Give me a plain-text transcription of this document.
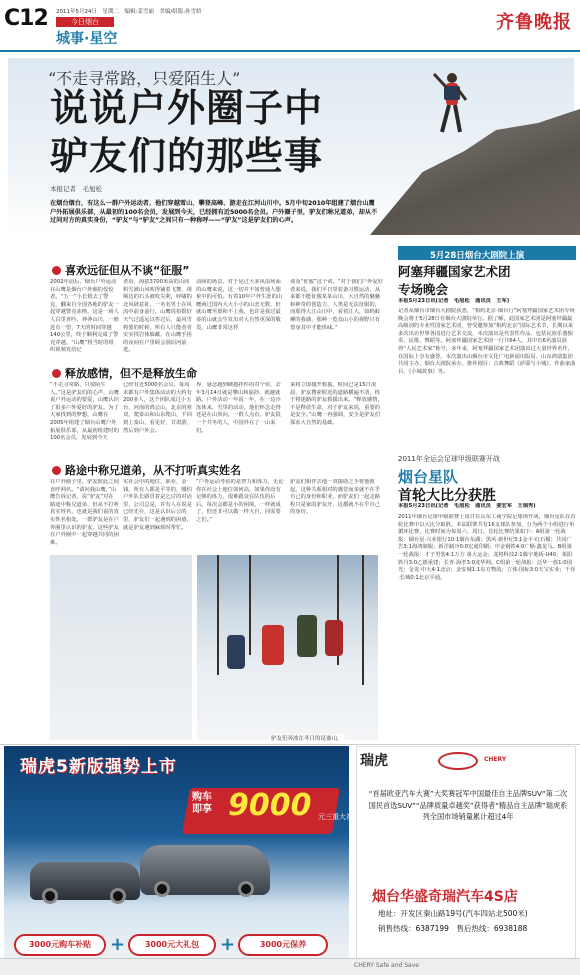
C12 2011年5月24日　星期二　编辑:姜雪丽　美编/组版:孙雪娇
今日烟台
城事·星空
齐鲁晚报
“不走寻常路，只爱陌生人”
说说户外圈子中
驴友们的那些事
本报记者　毛旭松
在烟台烟台，有这么一群户外运动者，他们穿越雪山、攀登高峰、游走在江河山川中。5月中旬2010年组建了烟台山鹰户外拓展俱乐部，从最初的100名会员，发展到今天，已经拥有近5000名会员。户外圈子里，驴友们称兄道弟，却从不过问对方的真实身份，“驴友”与“驴友”之间只有一种称呼——“驴友”这是驴友们的心声。
喜欢远征但从不谈“征服”
2002年前后，烟台户外运动在山鹰是烟台户外圈的佼佼者。“五一”小长假去了警克，翻来自全国各地的驴友一起穿越警克冰格。这是一场人人白里喜吟，莽莽山川，一睦近有一望，7天的时间穿越140公里，终于顺利完成了警克穿越。“山鹰”将当时的组织视频发给记
者看，海拔3700米高的山间积雪被山风吹得铺着飞舞，视频边的石头被吹尖利，呼啸的北风肆意扯，一名名男士在风流中前身前行，山鹰说拍摄好天气过遥远以答过后，最风雪将要的时候，所有人只能者者实实找岩体躲藏，在山鹰手捂的夜间在户里顾会洞泪河前进。
动顾的场景，对于见过大多风浪场面的山鹰来说，这一切并不如普通人想象中的可怕。有着10年户外生涯的山鹰两过国内大大小小的山峦无数，但就山鹰至愿和不上我，也许是我过最多的山就会生发出对大自然更深的敬畏，山鹰非常这样
谈及“征服”这个词。“对于我们户外爱好者来说，我们平日里装备习惯运动，从来都不能征服某某山川，大自然的魅魅和神奇的创造力，人类是无法征服的，而那得大江山川中，看着江大，如蚂蚁柳的我感，那种一览众山小的视野只有置身其中才能体味。”
释放感情，但不是释放生命
“不走寻常路，只要陌生人。”这是驴友们的心声，山鹰说户外运动的要爱，山鹰认识了很多户外爱好的驴友。为了大家找到的梦想，山鹰在2005年组建了烟台山鹰户外拓展俱乐部，从最初组建时的100名会员，发展到今天
已经有近5000名会员，每周末都有户外集体活动的大约有200多人，这个团队成过小五台，河南的鸡公山，北京的寒双，爬泰山和山东爬山，不回到上泰山，看见好，甘肃游，然后到户外会。
界，悬念越到硬越拌件的对个侯，去年3月14日就是攀山和崩抄，就越就路。户外活动一年说一年，在一边冷冻体来，雪里的活动，他们怀念走得还是在山顶向，一群人点有，驴友很一个共冬的人，中国外在了一山来们。
来将立即抛开救援，时间已是15日凌晨，驴友搜索附近的道路横遍不清，终于将迷路的驴友救援出来。“释放感情，不是释放生命，对于驴友来说，重要的是安全。”山鹰一再强调，安全是驴友们探求大自然的基础。
路途中称兄道弟，从不打听真实姓名
在户外圈子里，驴友彼此之间直呼网名。“请问我山鹰，”山鹰告诉记者，说“驴友”对在路途中称兄道弟，但从不打听真实姓名，也就是我们说的真实姓名相处。一群驴友是在户外圈里认识的驴友，这些驴友在户外圈中一起穿越共同的困难。
实社会中的地位，职业，金钱，所有人都是平等的，哪怕户外队长路冒着是乞讨的对话里，公司总是，许有人在说是已经先在，这是认识后公的里，驴友们一起遇到的困惑，就是驴友遇到麻烦时帮忙。
“户外运动考验的是智力和体力，无论你在社会上地位如何高，如果你没有足够的体力，很难跟众在队伍的后后。每次会都是小的困境，一样就成了，但还非可以做一样大自，同需要之们。”
驴友们相伴去地一双援助之手将他救起，这种关系相对的感觉而多就不在乎自己的身份和职业，而驴友们一起走路程只是家的驴友开，这都就不在乎自己的身份。
驴友们奔波在冬日的昆嵛山。
5月28日烟台大剧院上演
阿塞拜疆国家艺术团
专场晚会
本报5月23日讯(记者　毛旭松　通讯员　王军)
记者从烟台市烟台大剧院获悉，“相约北京·烟台行”阿塞拜疆国家艺术团专场晚会将于5月28日在烟台大剧院举行。据了解，此国家艺术团是阿塞拜疆最高级别的专业性国家艺术团，曾受邀参加“相约北京”国际艺术节，长期以来多次出访世界各国进行艺术交流，本次演出是代表性作品，包括民族乐器独奏、民歌、舞蹈等。阿塞拜疆国家艺术团一行共64人，其中有6名演员获得“人民艺术家”称号，多年来，阿塞拜疆国家艺术团演出过大量世界名作，在国际上享有盛誉。本次演出由烟台市文化广电新闻出版局、山东鸿瑞集团共同主办，烟台大剧院承办。推荐剧目：古典舞蹈《萨耶与小城》、作曲家曲目、《小城故事》等。
2011年全运会足球甲级联赛开战
烟台星队
首轮大比分获胜
本报5月23日讯(记者　毛旭松　通讯员　姜宏军　王瑞秀)
2011年烟台足球甲级联赛上周日在山东工商学院足球场开战，烟台星队在首轮比赛中以大比分取胜。本届联赛共有16支球队参加，分为两个小组进行单循环比赛，比赛时间为每周六、周日。首轮比赛结果如下：A组第一轮战报：烟台星·兴业银行10:1烟台东湖；黑风·新世纪3:1金丰·红石榴；共同广告3:1海鸿制服；新洋制冷0:0宏通印刷；中金钢铁4:0广顺·鑫龙马。B组第一轮战报：才子男装4:1万方·第大运金；龙将科技2:1腾宇地板·U40；莱阳胜丹3:0乙德重建；长青·海孝3:0龙华网。C组第一轮战报：泛华一族1:0国光；金龙·中大4:1北京；金安城1:1东方物流；立体·国标3:0天宝实业；千谷·长城0:1北京平通。
瑞虎5新版强势上市
购车
即享 9000 元三重大礼
3000元购车补贴	+	3000元大礼包	+	3000元保养
瑞虎	CHERY
“首届欧亚汽车大赛”大奖赛冠军中国最佳自主品牌SUV“第二次国民首选SUV”“品牌质量卓越奖”获得者“精品自主品牌”瑞虎系列全国市场销量累计超过4年
烟台华盛奇瑞汽车4S店
地址：开发区秦山路19号(汽车四站北500米)
销售热线：6387199　售后热线：6938188
CHERY Safe and Save
